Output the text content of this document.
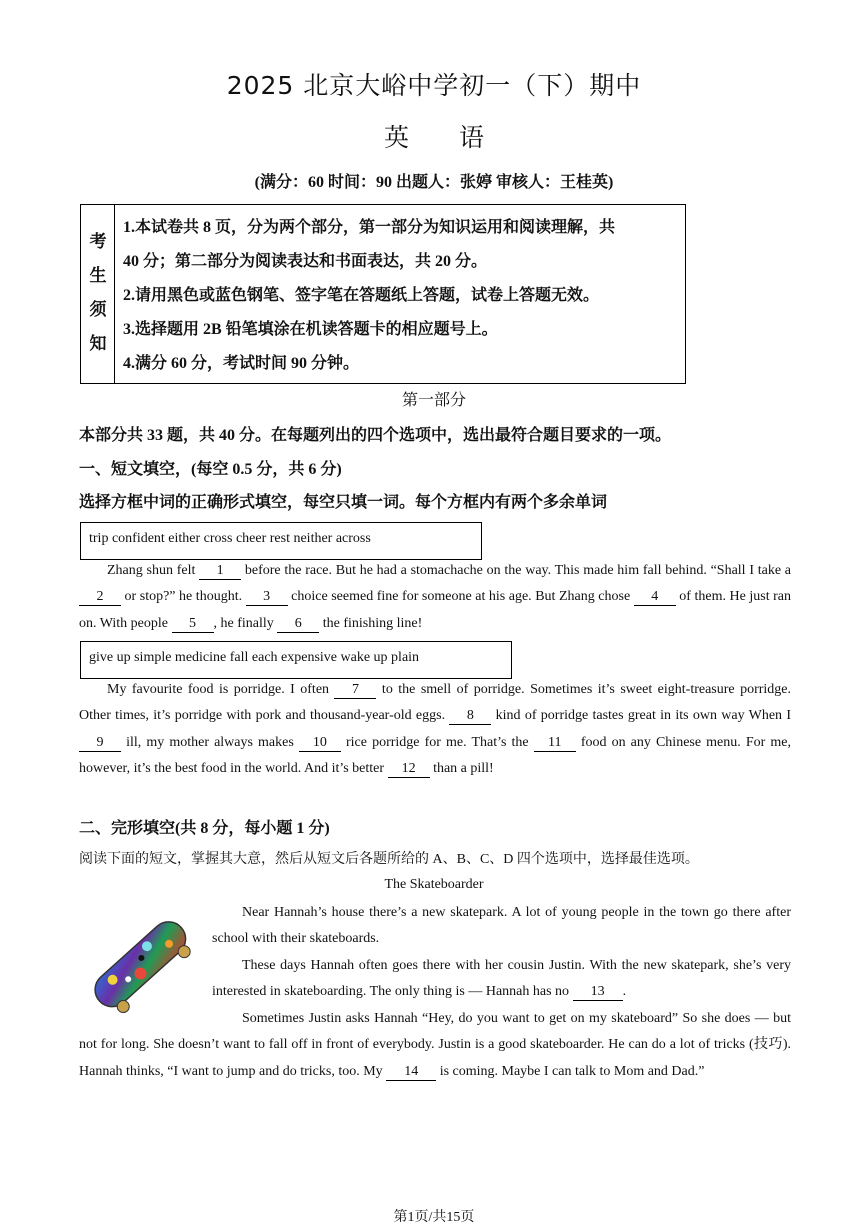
2025 北京大峪中学初一（下）期中
英 语
(满分：60 时间：90 出题人：张婷 审核人：王桂英)
考
生
须
知
1.本试卷共 8 页，分为两个部分，第一部分为知识运用和阅读理解，共
40 分；第二部分为阅读表达和书面表达，共 20 分。
2.请用黑色或蓝色钢笔、签字笔在答题纸上答题，试卷上答题无效。
3.选择题用 2B 铅笔填涂在机读答题卡的相应题号上。
4.满分 60 分，考试时间 90 分钟。
第一部分
本部分共 33 题，共 40 分。在每题列出的四个选项中，选出最符合题目要求的一项。
一、短文填空，(每空 0.5 分，共 6 分)
选择方框中词的正确形式填空，每空只填一词。每个方框内有两个多余单词
trip confident either cross cheer rest neither across
Zhang shun felt 1 before the race. But he had a stomachache on the way. This made him fall behind. “Shall I take a 2 or stop?” he thought. 3 choice seemed fine for someone at his age. But Zhang chose 4 of them. He just ran on. With people 5 , he finally 6 the finishing line!
give up simple medicine fall each expensive wake up plain
My favourite food is porridge. I often 7 to the smell of porridge. Sometimes it’s sweet eight-treasure porridge. Other times, it’s porridge with pork and thousand-year-old eggs. 8 kind of porridge tastes great in its own way When I 9 ill, my mother always makes 10 rice porridge for me. That’s the 11 food on any Chinese menu. For me, however, it’s the best food in the world. And it’s better 12 than a pill!
二、完形填空(共 8 分，每小题 1 分)
阅读下面的短文，掌握其大意，然后从短文后各题所给的 A、B、C、D 四个选项中，选择最佳选项。
The Skateboarder
Near Hannah’s house there’s a new skatepark. A lot of young people in the town go there after school with their skateboards.
These days Hannah often goes there with her cousin Justin. With the new skatepark, she’s very interested in skateboarding. The only thing is — Hannah has no 13 .
Sometimes Justin asks Hannah “Hey, do you want to get on my skateboard” So she does — but not for long. She doesn’t want to fall off in front of everybody. Justin is a good skateboarder. He can do a lot of tricks (技巧). Hannah thinks, “I want to jump and do tricks, too. My 14 is coming. Maybe I can talk to Mom and Dad.”
第1页/共15页
